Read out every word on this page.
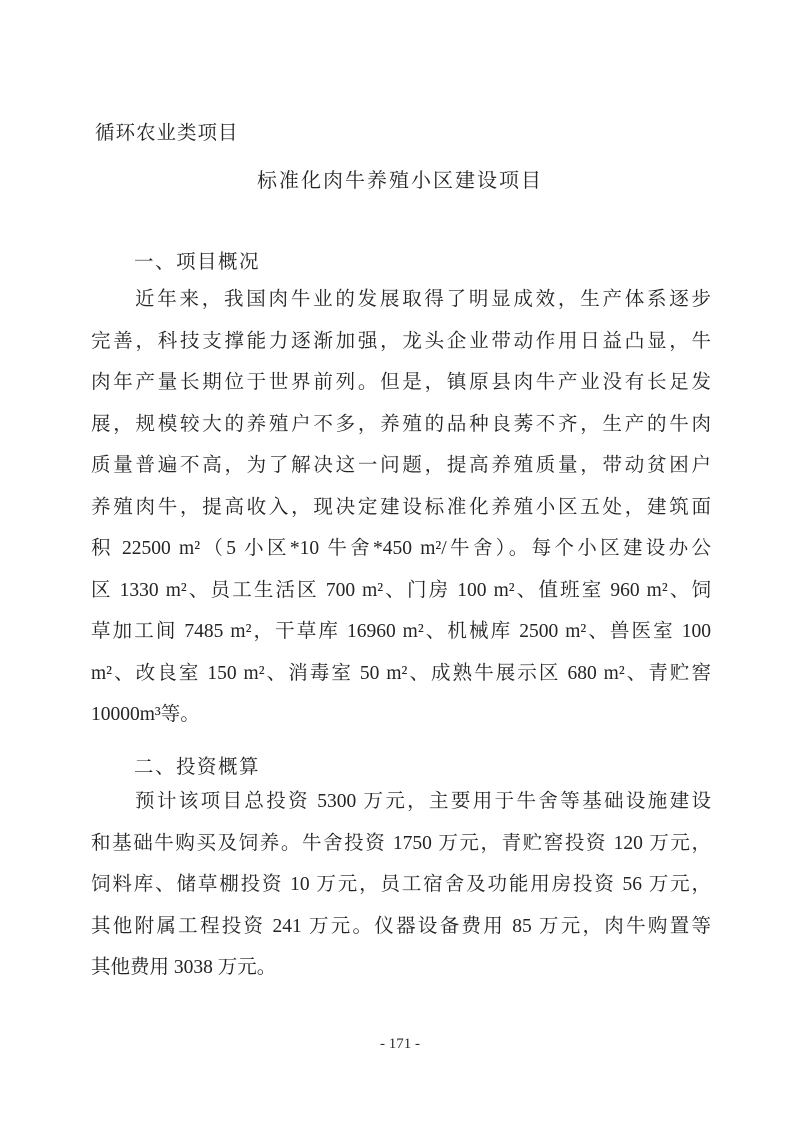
循环农业类项目
标准化肉牛养殖小区建设项目
一、项目概况
近年来，我国肉牛业的发展取得了明显成效，生产体系逐步
完善，科技支撑能力逐渐加强，龙头企业带动作用日益凸显，牛
肉年产量长期位于世界前列。但是，镇原县肉牛产业没有长足发
展，规模较大的养殖户不多，养殖的品种良莠不齐，生产的牛肉
质量普遍不高，为了解决这一问题，提高养殖质量，带动贫困户
养殖肉牛，提高收入，现决定建设标准化养殖小区五处，建筑面
积 22500 m²（5 小区*10 牛舍*450 m²/牛舍）。每个小区建设办公
区 1330 m²、员工生活区 700 m²、门房 100 m²、值班室 960 m²、饲
草加工间 7485 m²，干草库 16960 m²、机械库 2500 m²、兽医室 100
m²、改良室 150 m²、消毒室 50 m²、成熟牛展示区 680 m²、青贮窖
10000m³等。
二、投资概算
预计该项目总投资 5300 万元，主要用于牛舍等基础设施建设
和基础牛购买及饲养。牛舍投资 1750 万元，青贮窖投资 120 万元，
饲料库、储草棚投资 10 万元，员工宿舍及功能用房投资 56 万元，
其他附属工程投资 241 万元。仪器设备费用 85 万元，肉牛购置等
其他费用 3038 万元。
- 171 -
